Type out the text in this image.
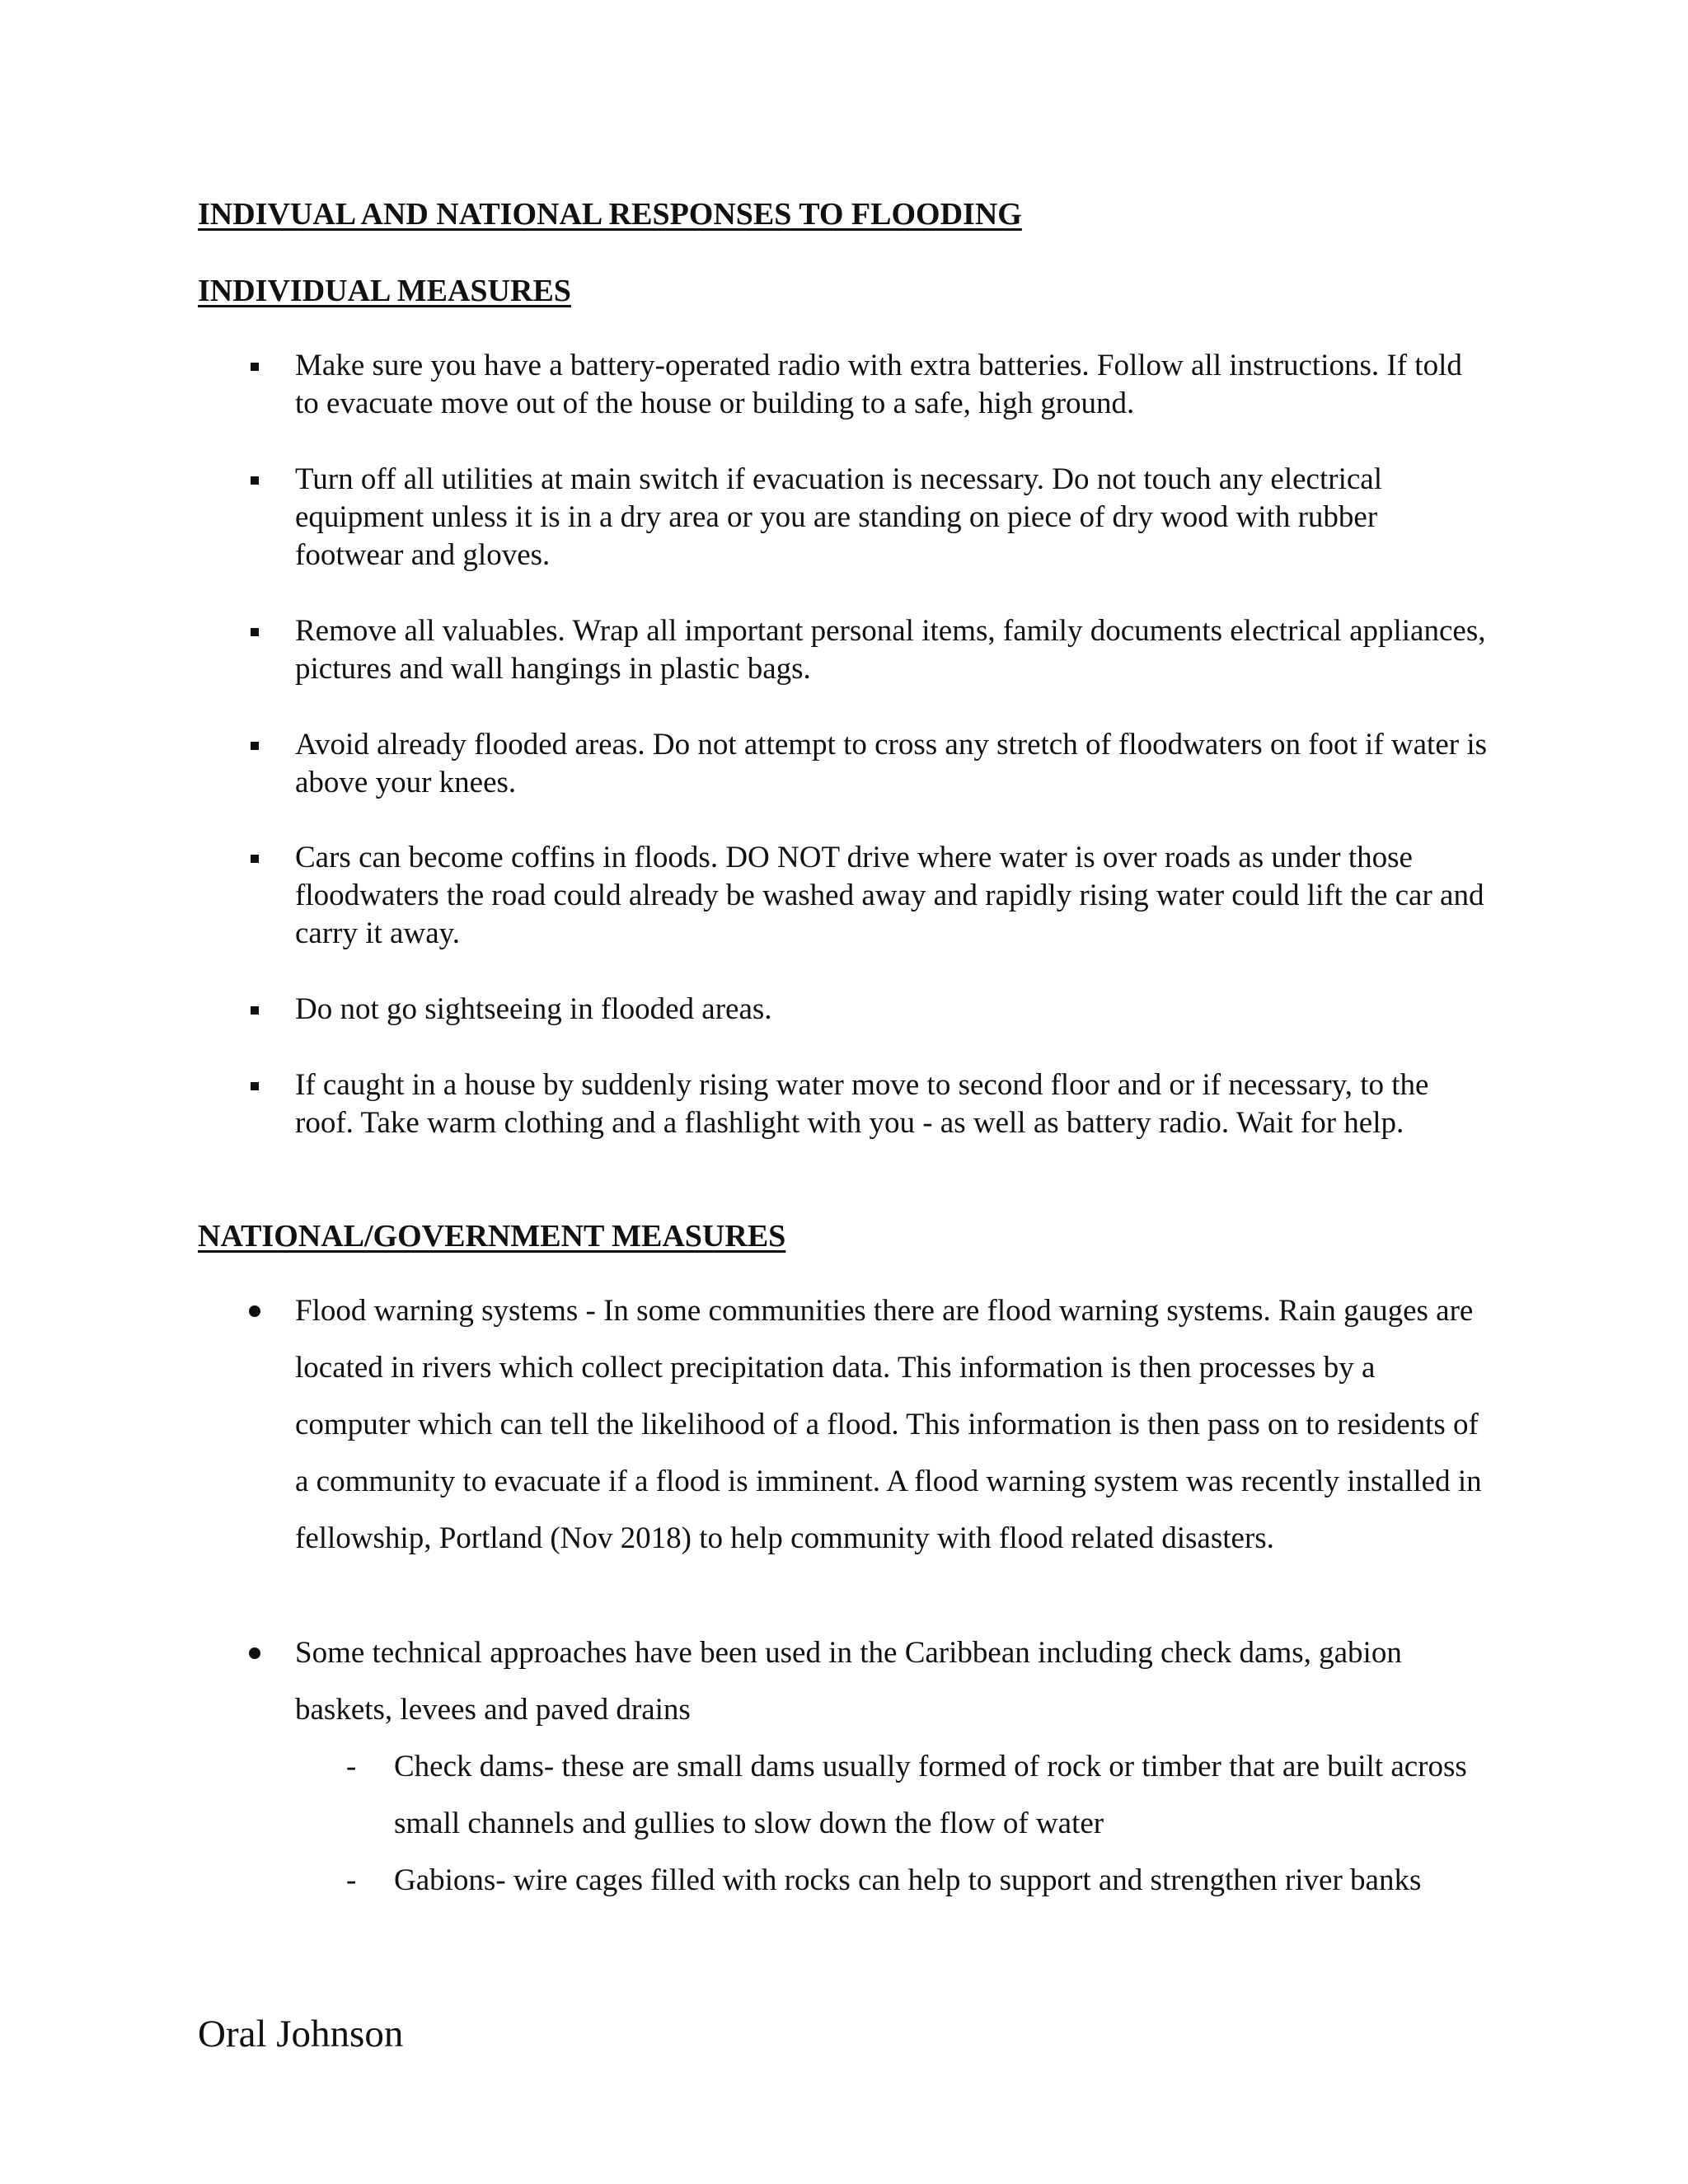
INDIVUAL AND NATIONAL RESPONSES TO FLOODING
INDIVIDUAL MEASURES
Make sure you have a battery-operated radio with extra batteries. Follow all instructions. If told to evacuate move out of the house or building to a safe, high ground.
Turn off all utilities at main switch if evacuation is necessary. Do not touch any electrical equipment unless it is in a dry area or you are standing on piece of dry wood with rubber footwear and gloves.
Remove all valuables. Wrap all important personal items, family documents electrical appliances, pictures and wall hangings in plastic bags.
Avoid already flooded areas. Do not attempt to cross any stretch of floodwaters on foot if water is above your knees.
Cars can become coffins in floods. DO NOT drive where water is over roads as under those floodwaters the road could already be washed away and rapidly rising water could lift the car and carry it away.
Do not go sightseeing in flooded areas.
If caught in a house by suddenly rising water move to second floor and or if necessary, to the roof. Take warm clothing and a flashlight with you - as well as battery radio. Wait for help.
NATIONAL/GOVERNMENT MEASURES
Flood warning systems - In some communities there are flood warning systems. Rain gauges are located in rivers which collect precipitation data. This information is then processes by a computer which can tell the likelihood of a flood. This information is then pass on to residents of a community to evacuate if a flood is imminent. A flood warning system was recently installed in fellowship, Portland (Nov 2018) to help community with flood related disasters.
Some technical approaches have been used in the Caribbean including check dams, gabion baskets, levees and paved drains
- Check dams- these are small dams usually formed of rock or timber that are built across small channels and gullies to slow down the flow of water
- Gabions- wire cages filled with rocks can help to support and strengthen river banks
Oral Johnson
